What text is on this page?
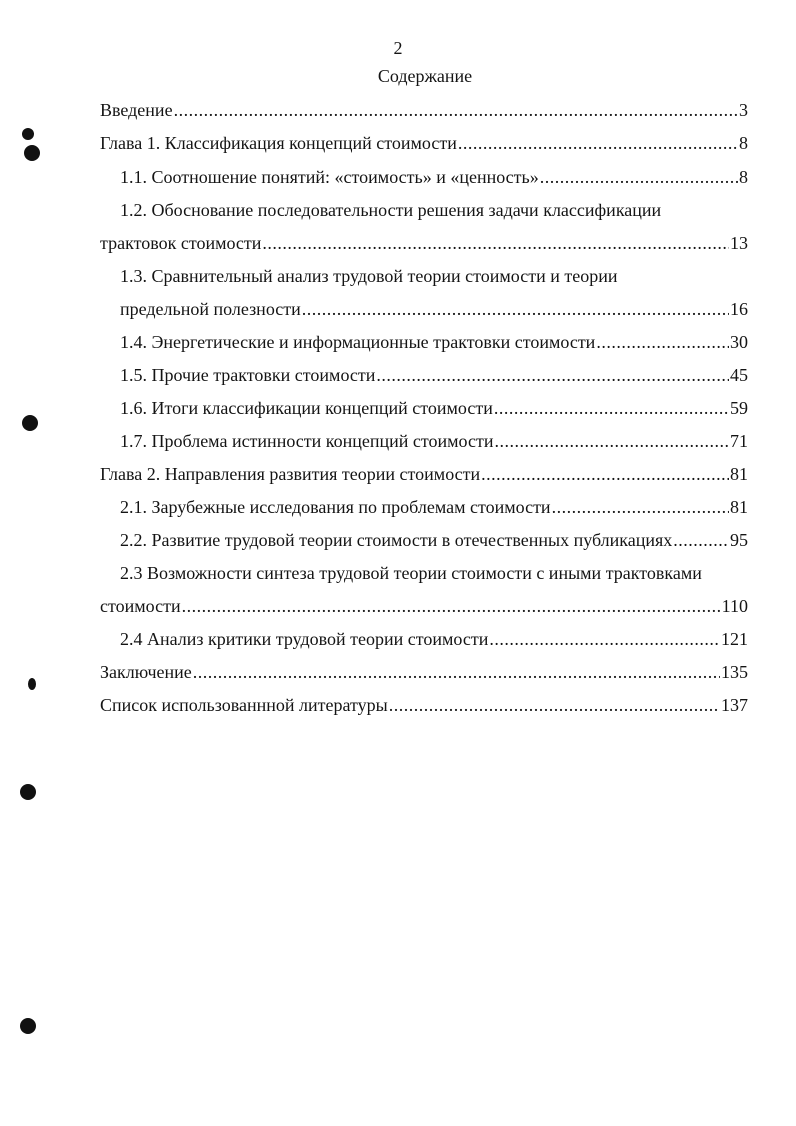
2
Содержание
Введение .....	3
Глава 1. Классификация концепций стоимости .....	8
1.1. Соотношение понятий: «стоимость» и «ценность» .....	8
1.2. Обоснование последовательности решения задачи классификации
трактовок стоимости .....	13
1.3. Сравнительный анализ трудовой теории стоимости и теории
предельной полезности .....	16
1.4. Энергетические и информационные трактовки стоимости .....	30
1.5. Прочие трактовки стоимости .....	45
1.6. Итоги классификации концепций стоимости .....	59
1.7. Проблема истинности концепций стоимости .....	71
Глава 2. Направления развития теории стоимости .....	81
2.1. Зарубежные исследования по проблемам стоимости .....	81
2.2. Развитие трудовой теории стоимости в отечественных публикациях .....	95
2.3 Возможности синтеза трудовой теории стоимости с иными трактовками
стоимости .....	110
2.4 Анализ критики трудовой теории стоимости .....	121
Заключение .....	135
Список использованнной литературы .....	137
